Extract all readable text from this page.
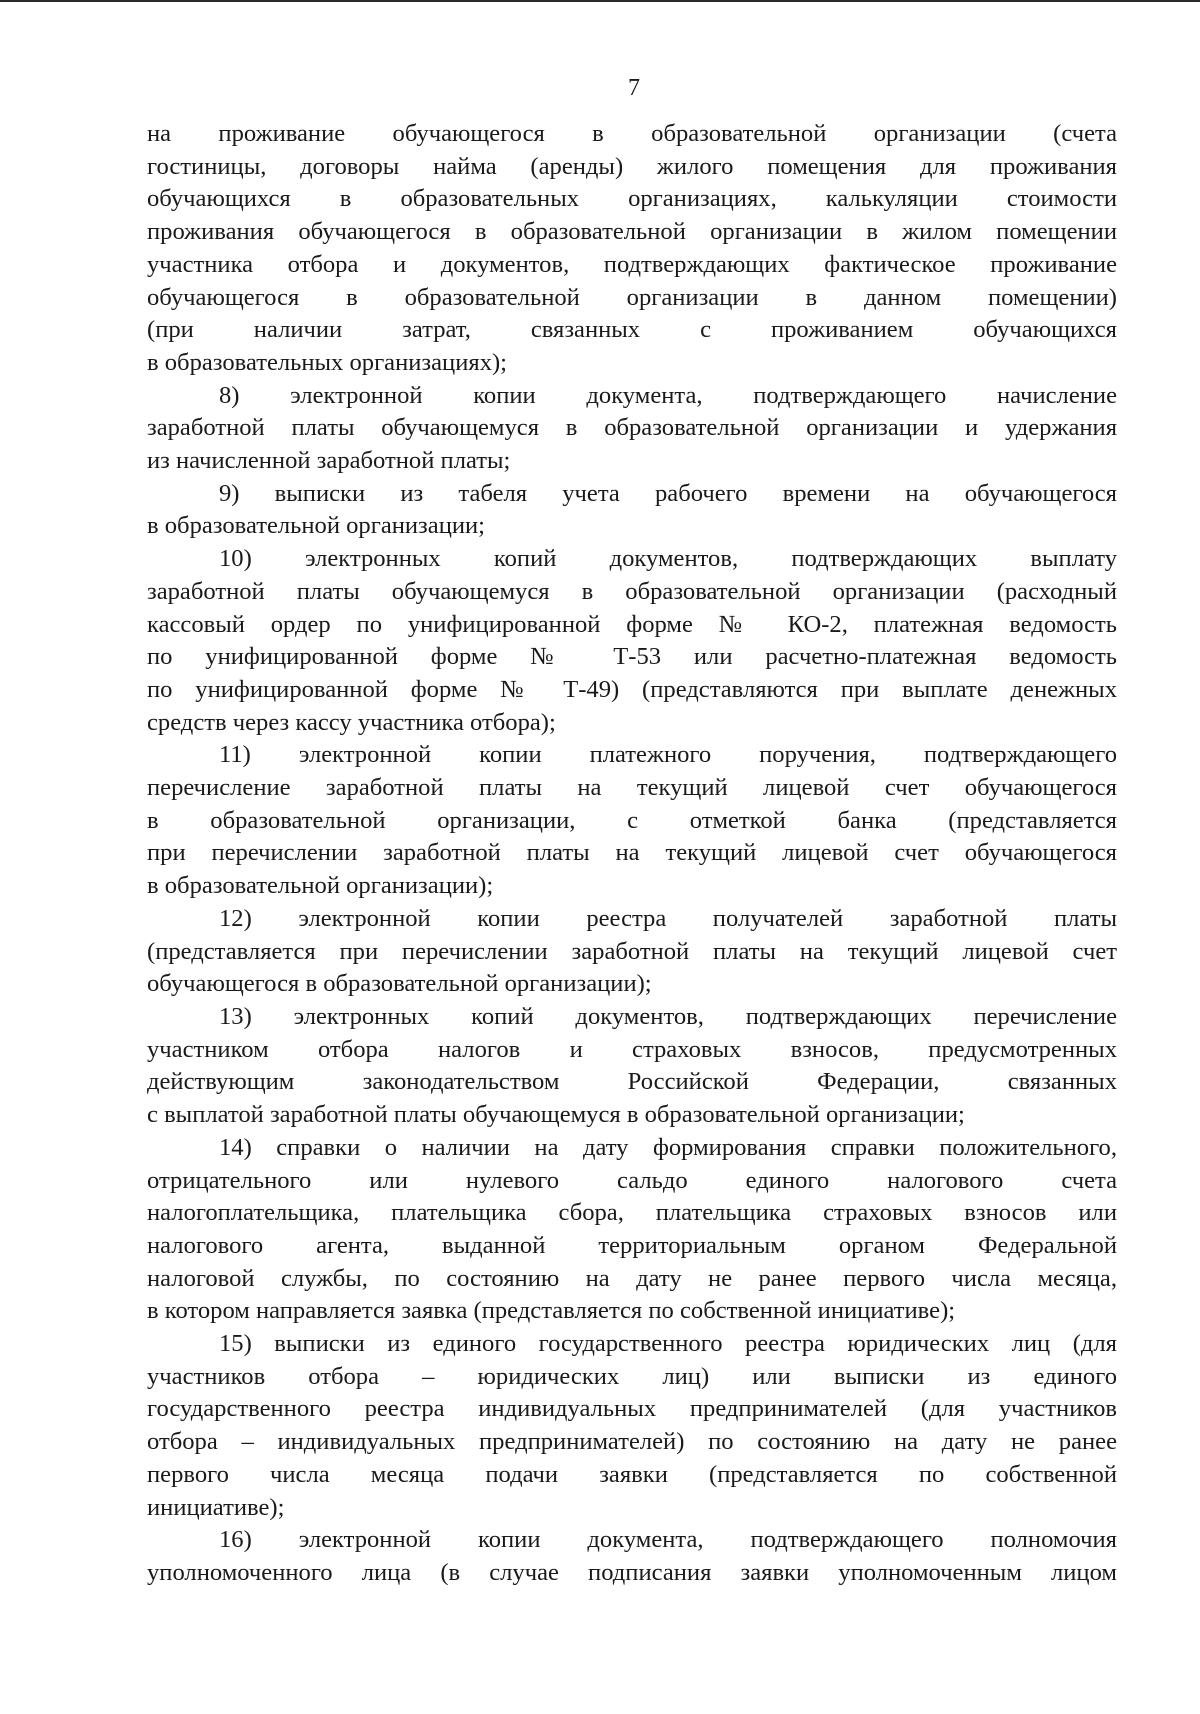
7

на проживание обучающегося в образовательной организации (счета

гостиницы, договоры найма (аренды) жилого помещения для проживания

обучающихся в образовательных организациях, калькуляции стоимости

проживания обучающегося в образовательной организации в жилом помещении

участника отбора и документов, подтверждающих фактическое проживание

обучающегося в образовательной организации в данном помещении)

(при наличии затрат, связанных с проживанием обучающихся

в образовательных организациях);

8) электронной копии документа, подтверждающего начисление

заработной платы обучающемуся в образовательной организации и удержания

из начисленной заработной платы;

9) выписки из табеля учета рабочего времени на обучающегося

в образовательной организации;

10) электронных копий документов, подтверждающих выплату

заработной платы обучающемуся в образовательной организации (расходный

кассовый ордер по унифицированной форме № КО-2, платежная ведомость

по унифицированной форме № Т-53 или расчетно-платежная ведомость

по унифицированной форме № Т-49) (представляются при выплате денежных

средств через кассу участника отбора);

11) электронной копии платежного поручения, подтверждающего

перечисление заработной платы на текущий лицевой счет обучающегося

в образовательной организации, с отметкой банка (представляется

при перечислении заработной платы на текущий лицевой счет обучающегося

в образовательной организации);

12) электронной копии реестра получателей заработной платы

(представляется при перечислении заработной платы на текущий лицевой счет

обучающегося в образовательной организации);

13) электронных копий документов, подтверждающих перечисление

участником отбора налогов и страховых взносов, предусмотренных

действующим законодательством Российской Федерации, связанных

с выплатой заработной платы обучающемуся в образовательной организации;

14) справки о наличии на дату формирования справки положительного,

отрицательного или нулевого сальдо единого налогового счета

налогоплательщика, плательщика сбора, плательщика страховых взносов или

налогового агента, выданной территориальным органом Федеральной

налоговой службы, по состоянию на дату не ранее первого числа месяца,

в котором направляется заявка (представляется по собственной инициативе);

15) выписки из единого государственного реестра юридических лиц (для

участников отбора – юридических лиц) или выписки из единого

государственного реестра индивидуальных предпринимателей (для участников

отбора – индивидуальных предпринимателей) по состоянию на дату не ранее

первого числа месяца подачи заявки (представляется по собственной

инициативе);

16) электронной копии документа, подтверждающего полномочия

уполномоченного лица (в случае подписания заявки уполномоченным лицом
